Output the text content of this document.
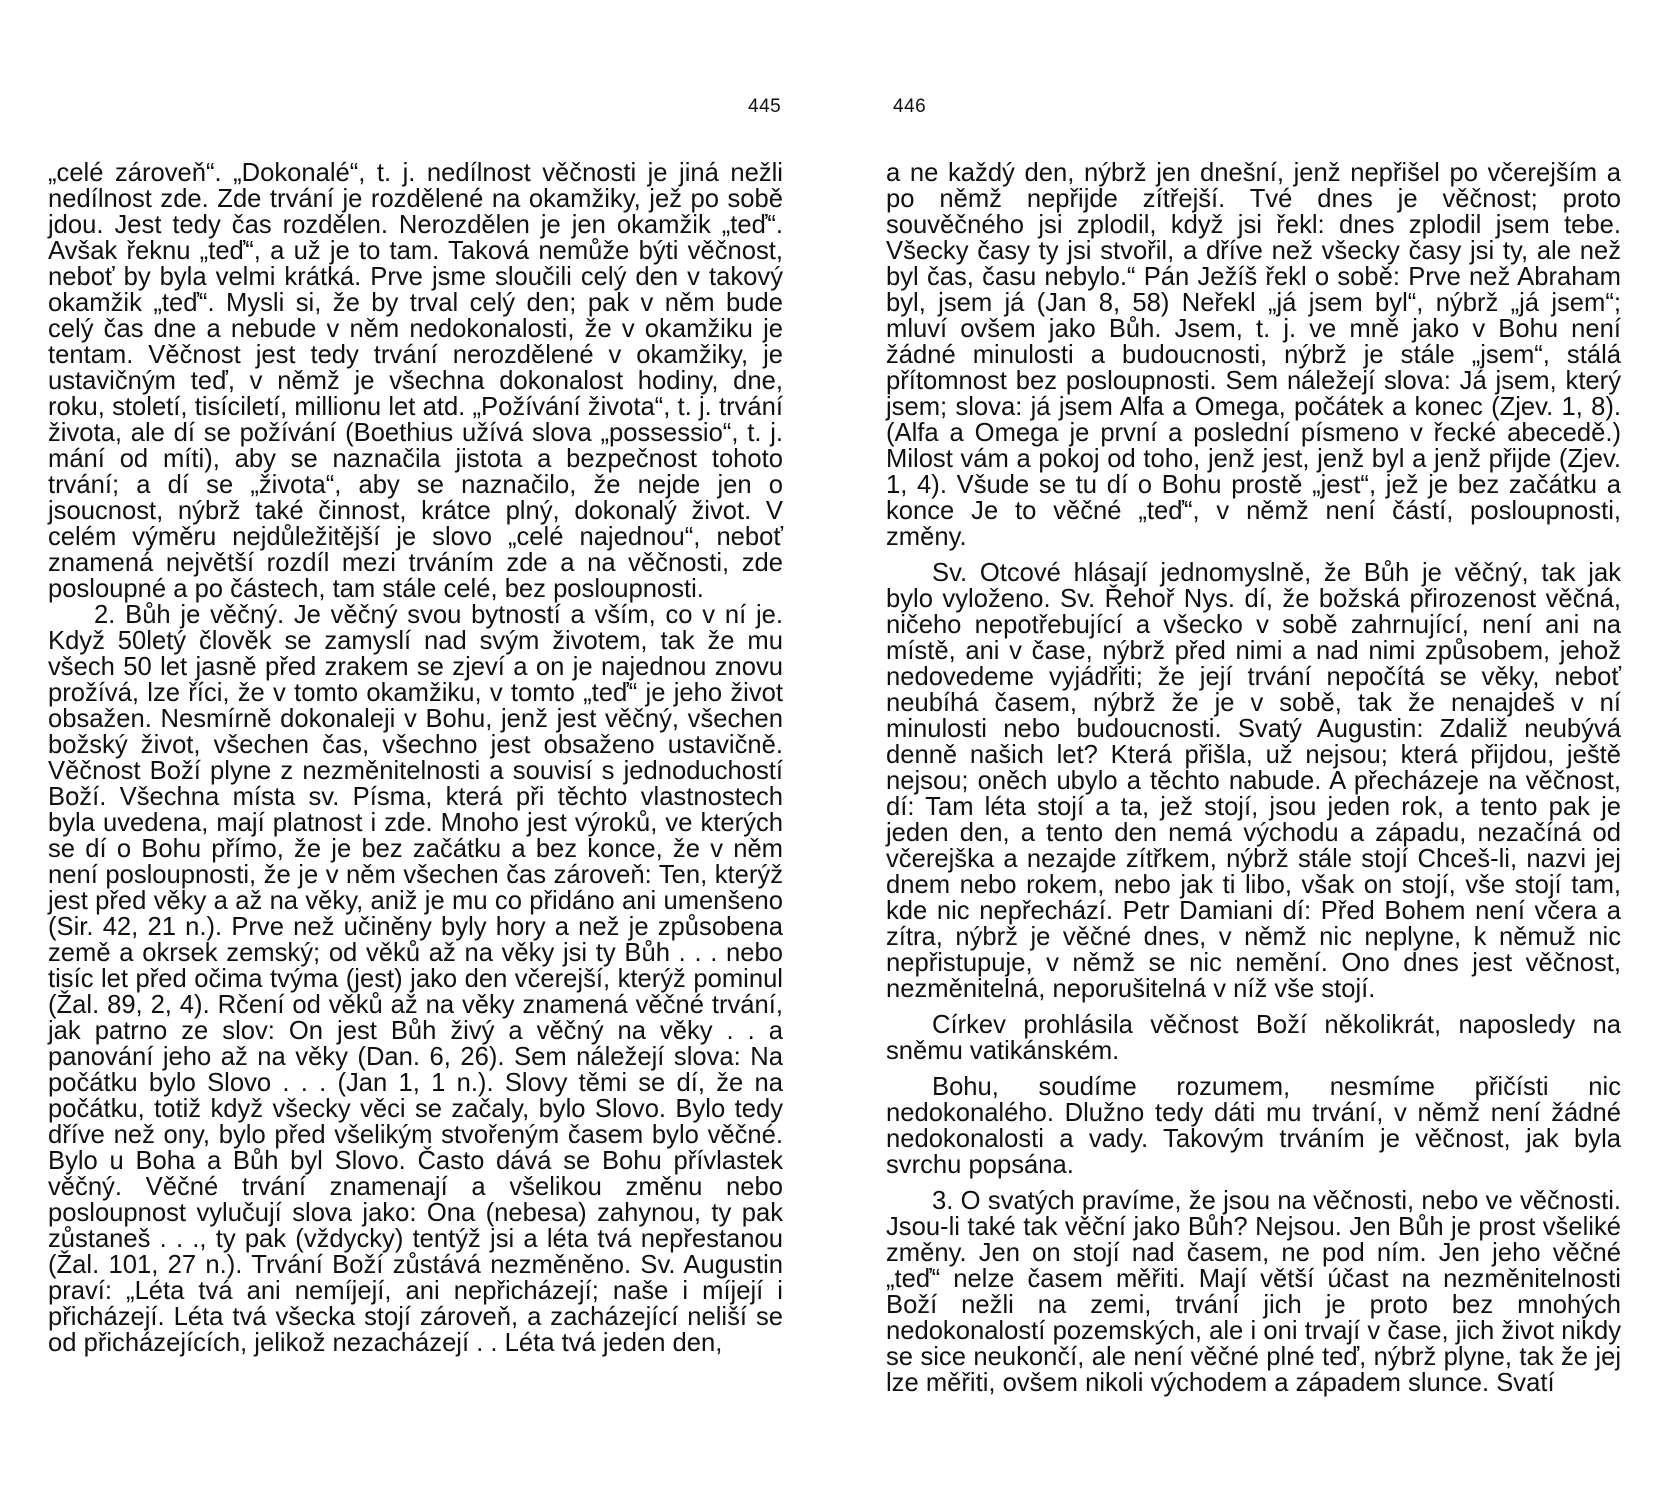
445	446

„celé zároveň“. „Dokonalé“, t. j. nedílnost věčnosti je jiná nežli nedílnost zde. Zde trvání je rozdělené na okamžiky, jež po sobě jdou. Jest tedy čas rozdělen. Nerozdělen je jen okamžik „teď“. Avšak řeknu „teď“, a už je to tam. Taková nemůže býti věčnost, neboť by byla velmi krátká. Prve jsme sloučili celý den v takový okamžik „teď“. Mysli si, že by trval celý den; pak v něm bude celý čas dne a nebude v něm nedokonalosti, že v okamžiku je tentam. Věčnost jest tedy trvání nerozdělené v okamžiky, je ustavičným teď, v němž je všechna dokonalost hodiny, dne, roku, století, tisíciletí, millionu let atd. „Požívání života“, t. j. trvání života, ale dí se požívání (Boethius užívá slova „possessio“, t. j. mání od míti), aby se naznačila jistota a bezpečnost tohoto trvání; a dí se „života“, aby se naznačilo, že nejde jen o jsoucnost, nýbrž také činnost, krátce plný, dokonalý život. V celém výměru nejdůležitější je slovo „celé najednou“, neboť znamená největší rozdíl mezi trváním zde a na věčnosti, zde posloupné a po částech, tam stále celé, bez posloupnosti.

2. Bůh je věčný. Je věčný svou bytností a vším, co v ní je. Když 50letý člověk se zamyslí nad svým životem, tak že mu všech 50 let jasně před zrakem se zjeví a on je najednou znovu prožívá, lze říci, že v tomto okamžiku, v tomto „teď“ je jeho život obsažen. Nesmírně dokonaleji v Bohu, jenž jest věčný, všechen božský život, všechen čas, všechno jest obsaženo ustavičně. Věčnost Boží plyne z nezměnitelnosti a souvisí s jednoduchostí Boží. Všechna místa sv. Písma, která při těchto vlastnostech byla uvedena, mají platnost i zde. Mnoho jest výroků, ve kterých se dí o Bohu přímo, že je bez začátku a bez konce, že v něm není posloupnosti, že je v něm všechen čas zároveň: Ten, kterýž jest před věky a až na věky, aniž je mu co přidáno ani umenšeno (Sir. 42, 21 n.). Prve než učiněny byly hory a než je způsobena země a okrsek zemský; od věků až na věky jsi ty Bůh . . . nebo tisíc let před očima tvýma (jest) jako den včerejší, kterýž pominul (Žal. 89, 2, 4). Rčení od věků až na věky znamená věčné trvání, jak patrno ze slov: On jest Bůh živý a věčný na věky . . a panování jeho až na věky (Dan. 6, 26). Sem náležejí slova: Na počátku bylo Slovo . . . (Jan 1, 1 n.). Slovy těmi se dí, že na počátku, totiž když všecky věci se začaly, bylo Slovo. Bylo tedy dříve než ony, bylo před všelikým stvořeným časem bylo věčné. Bylo u Boha a Bůh byl Slovo. Často dává se Bohu přívlastek věčný. Věčné trvání znamenají a všelikou změnu nebo posloupnost vylučují slova jako: Ona (nebesa) zahynou, ty pak zůstaneš . . ., ty pak (vždycky) tentýž jsi a léta tvá nepřestanou (Žal. 101, 27 n.). Trvání Boží zůstává nezměněno. Sv. Augustin praví: „Léta tvá ani nemíjejí, ani nepřicházejí; naše i míjejí i přicházejí. Léta tvá všecka stojí zároveň, a zacházející neliší se od přicházejících, jelikož nezacházejí . . Léta tvá jeden den,

a ne každý den, nýbrž jen dnešní, jenž nepřišel po včerejším a po němž nepřijde zítřejší. Tvé dnes je věčnost; proto souvěčného jsi zplodil, když jsi řekl: dnes zplodil jsem tebe. Všecky časy ty jsi stvořil, a dříve než všecky časy jsi ty, ale než byl čas, času nebylo.“ Pán Ježíš řekl o sobě: Prve než Abraham byl, jsem já (Jan 8, 58) Neřekl „já jsem byl“, nýbrž „já jsem“; mluví ovšem jako Bůh. Jsem, t. j. ve mně jako v Bohu není žádné minulosti a budoucnosti, nýbrž je stále „jsem“, stálá přítomnost bez posloupnosti. Sem náležejí slova: Já jsem, který jsem; slova: já jsem Alfa a Omega, počátek a konec (Zjev. 1, 8). (Alfa a Omega je první a poslední písmeno v řecké abecedě.) Milost vám a pokoj od toho, jenž jest, jenž byl a jenž přijde (Zjev. 1, 4). Všude se tu dí o Bohu prostě „jest“, jež je bez začátku a konce Je to věčné „teď“, v němž není částí, posloupnosti, změny.

Sv. Otcové hlásají jednomyslně, že Bůh je věčný, tak jak bylo vyloženo. Sv. Řehoř Nys. dí, že božská přirozenost věčná, ničeho nepotřebující a všecko v sobě zahrnující, není ani na místě, ani v čase, nýbrž před nimi a nad nimi způsobem, jehož nedovedeme vyjádřiti; že její trvání nepočítá se věky, neboť neubíhá časem, nýbrž že je v sobě, tak že nenajdeš v ní minulosti nebo budoucnosti. Svatý Augustin: Zdaliž neubývá denně našich let? Která přišla, už nejsou; která přijdou, ještě nejsou; oněch ubylo a těchto nabude. A přecházeje na věčnost, dí: Tam léta stojí a ta, jež stojí, jsou jeden rok, a tento pak je jeden den, a tento den nemá východu a západu, nezačíná od včerejška a nezajde zítřkem, nýbrž stále stojí Chceš-li, nazvi jej dnem nebo rokem, nebo jak ti libo, však on stojí, vše stojí tam, kde nic nepřechází. Petr Damiani dí: Před Bohem není včera a zítra, nýbrž je věčné dnes, v němž nic neplyne, k němuž nic nepřistupuje, v němž se nic nemění. Ono dnes jest věčnost, nezměnitelná, neporušitelná v níž vše stojí.

Církev prohlásila věčnost Boží několikrát, naposledy na sněmu vatikánském.

Bohu, soudíme rozumem, nesmíme přičísti nic nedokonalého. Dlužno tedy dáti mu trvání, v němž není žádné nedokonalosti a vady. Takovým trváním je věčnost, jak byla svrchu popsána.

3. O svatých pravíme, že jsou na věčnosti, nebo ve věčnosti. Jsou-li také tak věční jako Bůh? Nejsou. Jen Bůh je prost všeliké změny. Jen on stojí nad časem, ne pod ním. Jen jeho věčné „teď“ nelze časem měřiti. Mají větší účast na nezměnitelnosti Boží nežli na zemi, trvání jich je proto bez mnohých nedokonalostí pozemských, ale i oni trvají v čase, jich život nikdy se sice neukončí, ale není věčné plné teď, nýbrž plyne, tak že jej lze měřiti, ovšem nikoli východem a západem slunce. Svatí
